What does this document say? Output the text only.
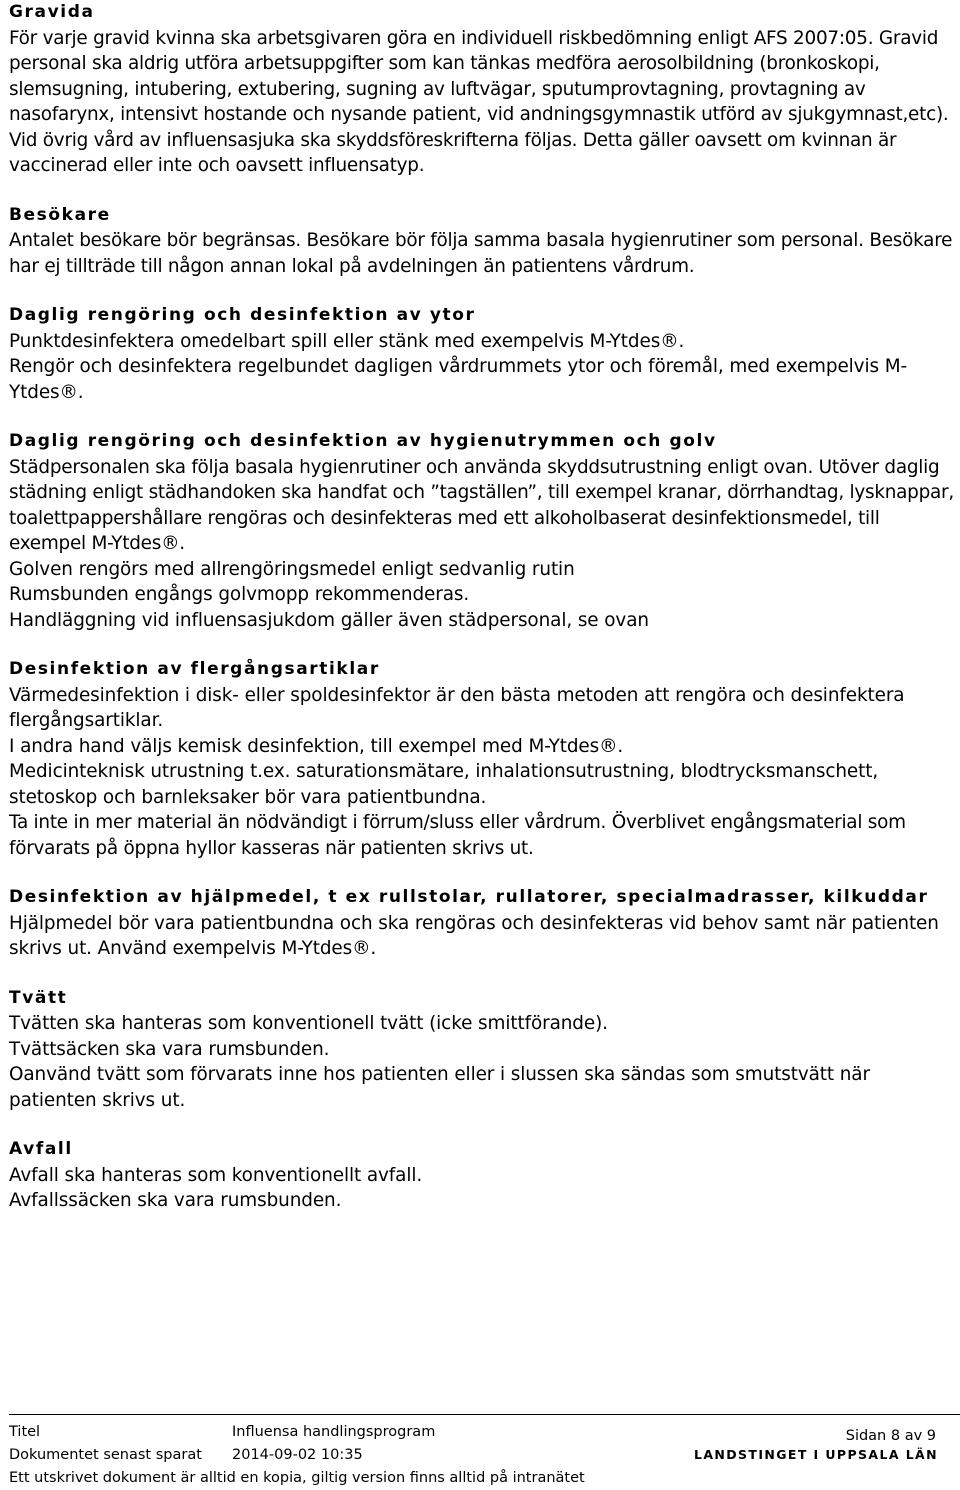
Gravida

För varje gravid kvinna ska arbetsgivaren göra en individuell riskbedömning enligt AFS 2007:05. Gravid personal ska aldrig utföra arbetsuppgifter som kan tänkas medföra aerosolbildning (bronkoskopi, slemsugning, intubering, extubering, sugning av luftvägar, sputumprovtagning, provtagning av nasofarynx, intensivt hostande och nysande patient, vid andningsgymnastik utförd av sjukgymnast,etc). Vid övrig vård av influensasjuka ska skyddsföreskrifterna följas. Detta gäller oavsett om kvinnan är vaccinerad eller inte och oavsett influensatyp.

Besökare

Antalet besökare bör begränsas. Besökare bör följa samma basala hygienrutiner som personal. Besökare har ej tillträde till någon annan lokal på avdelningen än patientens vårdrum.

Daglig rengöring och desinfektion av ytor

Punktdesinfektera omedelbart spill eller stänk med exempelvis M-Ytdes®.

Rengör och desinfektera regelbundet dagligen vårdrummets ytor och föremål, med exempelvis M-Ytdes®.

Daglig rengöring och desinfektion av hygienutrymmen och golv

Städpersonalen ska följa basala hygienrutiner och använda skyddsutrustning enligt ovan. Utöver daglig städning enligt städhandoken ska handfat och ”tagställen”, till exempel kranar, dörrhandtag, lysknappar, toalettpappershållare rengöras och desinfekteras med ett alkoholbaserat desinfektionsmedel, till exempel M-Ytdes®.

Golven rengörs med allrengöringsmedel enligt sedvanlig rutin

Rumsbunden engångs golvmopp rekommenderas.

Handläggning vid influensasjukdom gäller även städpersonal, se ovan

Desinfektion av flergångsartiklar

Värmedesinfektion i disk- eller spoldesinfektor är den bästa metoden att rengöra och desinfektera flergångsartiklar.

I andra hand väljs kemisk desinfektion, till exempel med M-Ytdes®.

Medicinteknisk utrustning t.ex. saturationsmätare, inhalationsutrustning, blodtrycksmanschett, stetoskop och barnleksaker bör vara patientbundna.

Ta inte in mer material än nödvändigt i förrum/sluss eller vårdrum. Överblivet engångsmaterial som förvarats på öppna hyllor kasseras när patienten skrivs ut.

Desinfektion av hjälpmedel, t ex rullstolar, rullatorer, specialmadrasser, kilkuddar

Hjälpmedel bör vara patientbundna och ska rengöras och desinfekteras vid behov samt när patienten skrivs ut. Använd exempelvis M-Ytdes®.

Tvätt

Tvätten ska hanteras som konventionell tvätt (icke smittförande).

Tvättsäcken ska vara rumsbunden.

Oanvänd tvätt som förvarats inne hos patienten eller i slussen ska sändas som smutstvätt när patienten skrivs ut.

Avfall

Avfall ska hanteras som konventionellt avfall.

Avfallssäcken ska vara rumsbunden.

Titel	Influensa handlingsprogram
Dokumentet senast sparat 2014-09-02 10:35
Sidan 8 av 9
LANDSTINGET I UPPSALA LÄN
Ett utskrivet dokument är alltid en kopia, giltig version finns alltid på intranätet
